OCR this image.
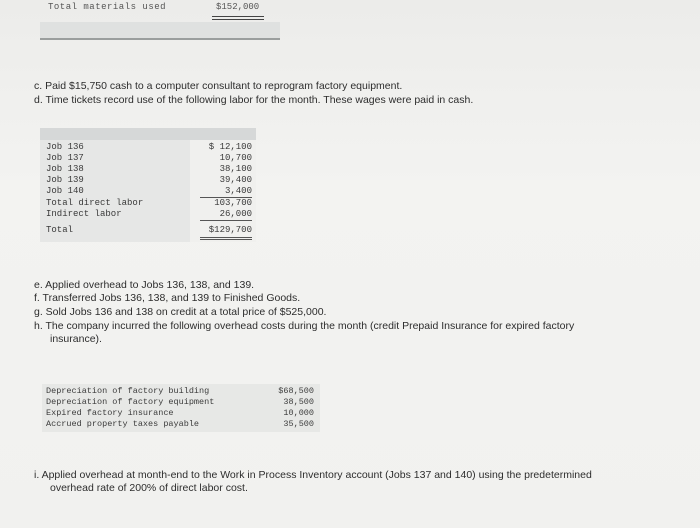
Total materials used	$152,000
c. Paid $15,750 cash to a computer consultant to reprogram factory equipment.
d. Time tickets record use of the following labor for the month. These wages were paid in cash.
Job 136	$ 12,100
Job 137	10,700
Job 138	38,100
Job 139	39,400
Job 140	3,400
Total direct labor	103,700
Indirect labor	26,000
Total	$129,700
e. Applied overhead to Jobs 136, 138, and 139.
f. Transferred Jobs 136, 138, and 139 to Finished Goods.
g. Sold Jobs 136 and 138 on credit at a total price of $525,000.
h. The company incurred the following overhead costs during the month (credit Prepaid Insurance for expired factory
insurance).
Depreciation of factory building	$68,500
Depreciation of factory equipment	38,500
Expired factory insurance	10,000
Accrued property taxes payable	35,500
i. Applied overhead at month-end to the Work in Process Inventory account (Jobs 137 and 140) using the predetermined
overhead rate of 200% of direct labor cost.
